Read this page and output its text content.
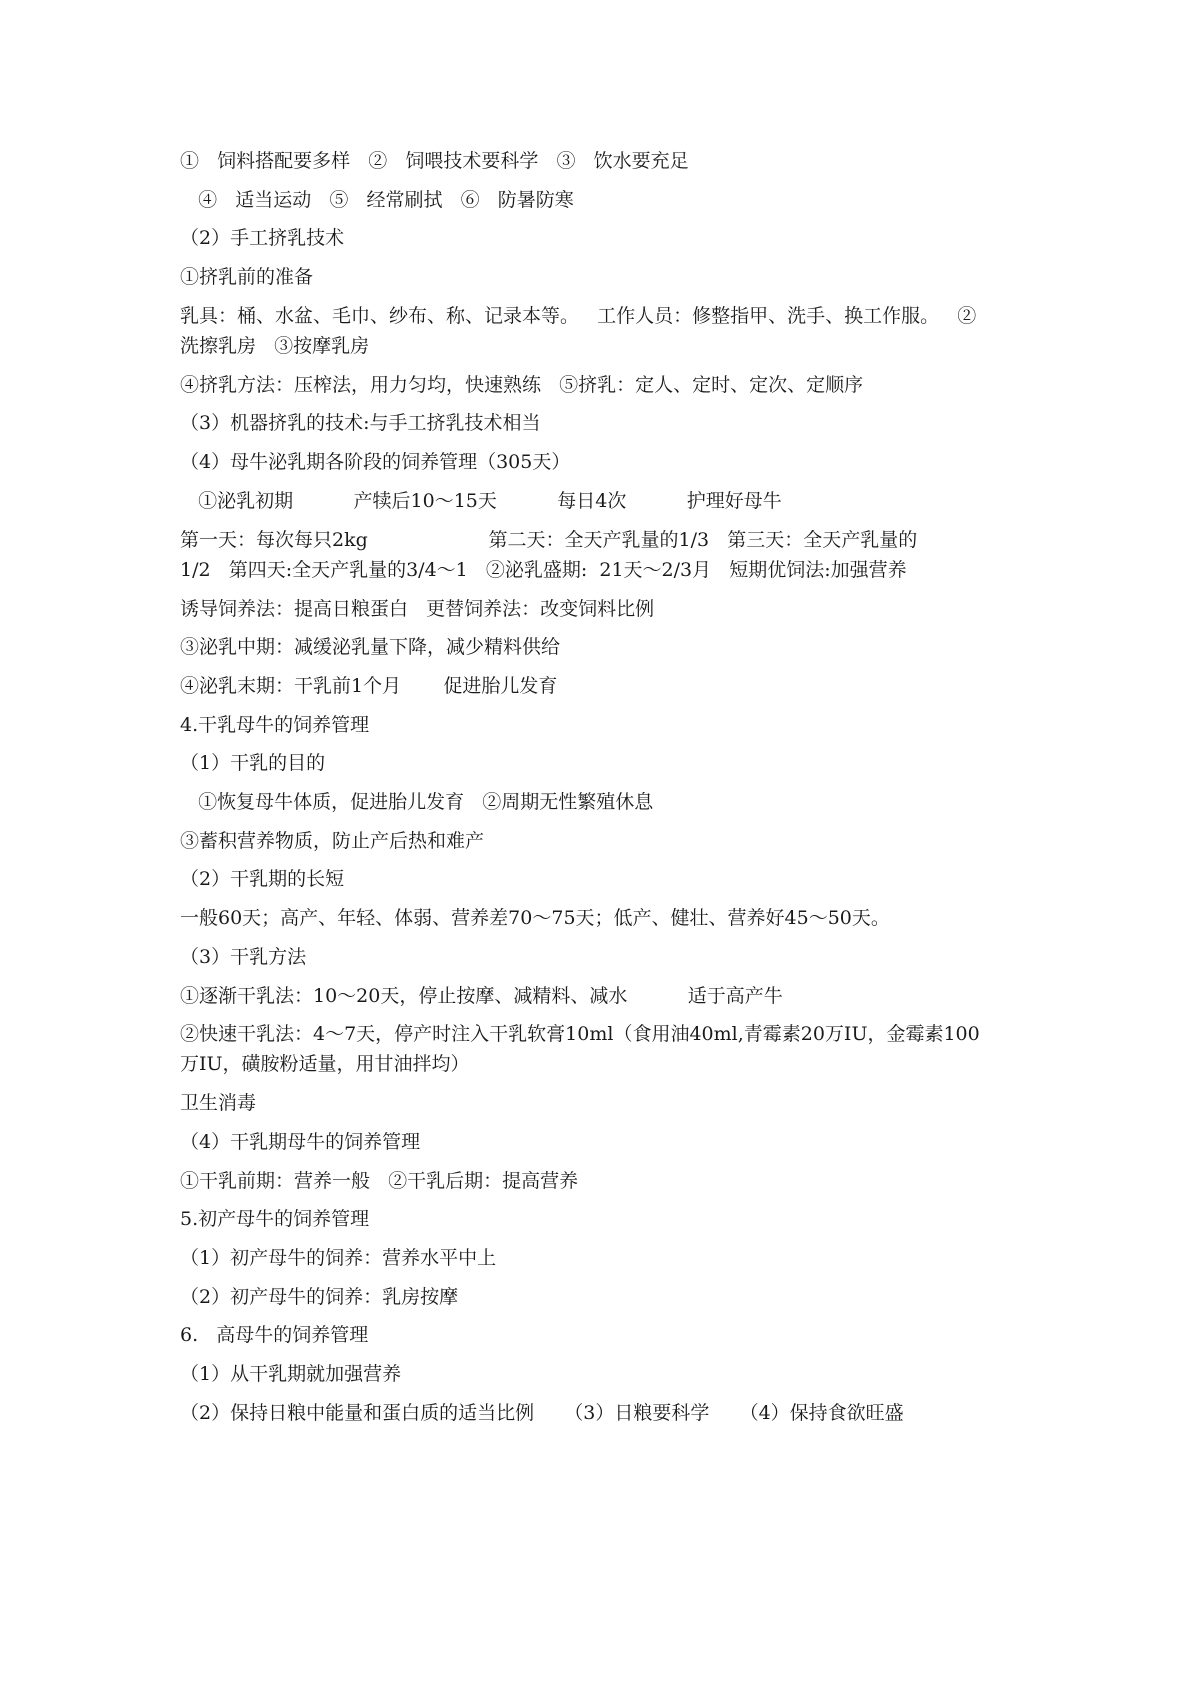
①   饲料搭配要多样   ②   饲喂技术要科学   ③   饮水要充足
④   适当运动   ⑤   经常刷拭   ⑥   防暑防寒
（2）手工挤乳技术
①挤乳前的准备
乳具：桶、水盆、毛巾、纱布、称、记录本等。   工作人员：修整指甲、洗手、换工作服。   ②
洗擦乳房   ③按摩乳房
④挤乳方法：压榨法，用力匀均，快速熟练   ⑤挤乳：定人、定时、定次、定顺序
（3）机器挤乳的技术:与手工挤乳技术相当
（4）母牛泌乳期各阶段的饲养管理（305天）
①泌乳初期          产犊后10～15天          每日4次          护理好母牛
第一天：每次每只2kg                    第二天：全天产乳量的1/3   第三天：全天产乳量的
1/2   第四天:全天产乳量的3/4～1   ②泌乳盛期:  21天～2/3月   短期优饲法:加强营养
诱导饲养法：提高日粮蛋白   更替饲养法：改变饲料比例
③泌乳中期：减缓泌乳量下降，减少精料供给
④泌乳末期：干乳前1个月       促进胎儿发育
4.干乳母牛的饲养管理
（1）干乳的目的
①恢复母牛体质，促进胎儿发育   ②周期无性繁殖休息
③蓄积营养物质，防止产后热和难产
（2）干乳期的长短
一般60天；高产、年轻、体弱、营养差70～75天；低产、健壮、营养好45～50天。
（3）干乳方法
①逐渐干乳法：10～20天，停止按摩、减精料、减水          适于高产牛
②快速干乳法：4～7天，停产时注入干乳软膏10ml（食用油40ml,青霉素20万IU，金霉素100
万IU，磺胺粉适量，用甘油拌均）
卫生消毒
（4）干乳期母牛的饲养管理
①干乳前期：营养一般   ②干乳后期：提高营养
5.初产母牛的饲养管理
（1）初产母牛的饲养：营养水平中上
（2）初产母牛的饲养：乳房按摩
6.   高母牛的饲养管理
（1）从干乳期就加强营养
（2）保持日粮中能量和蛋白质的适当比例     （3）日粮要科学     （4）保持食欲旺盛
